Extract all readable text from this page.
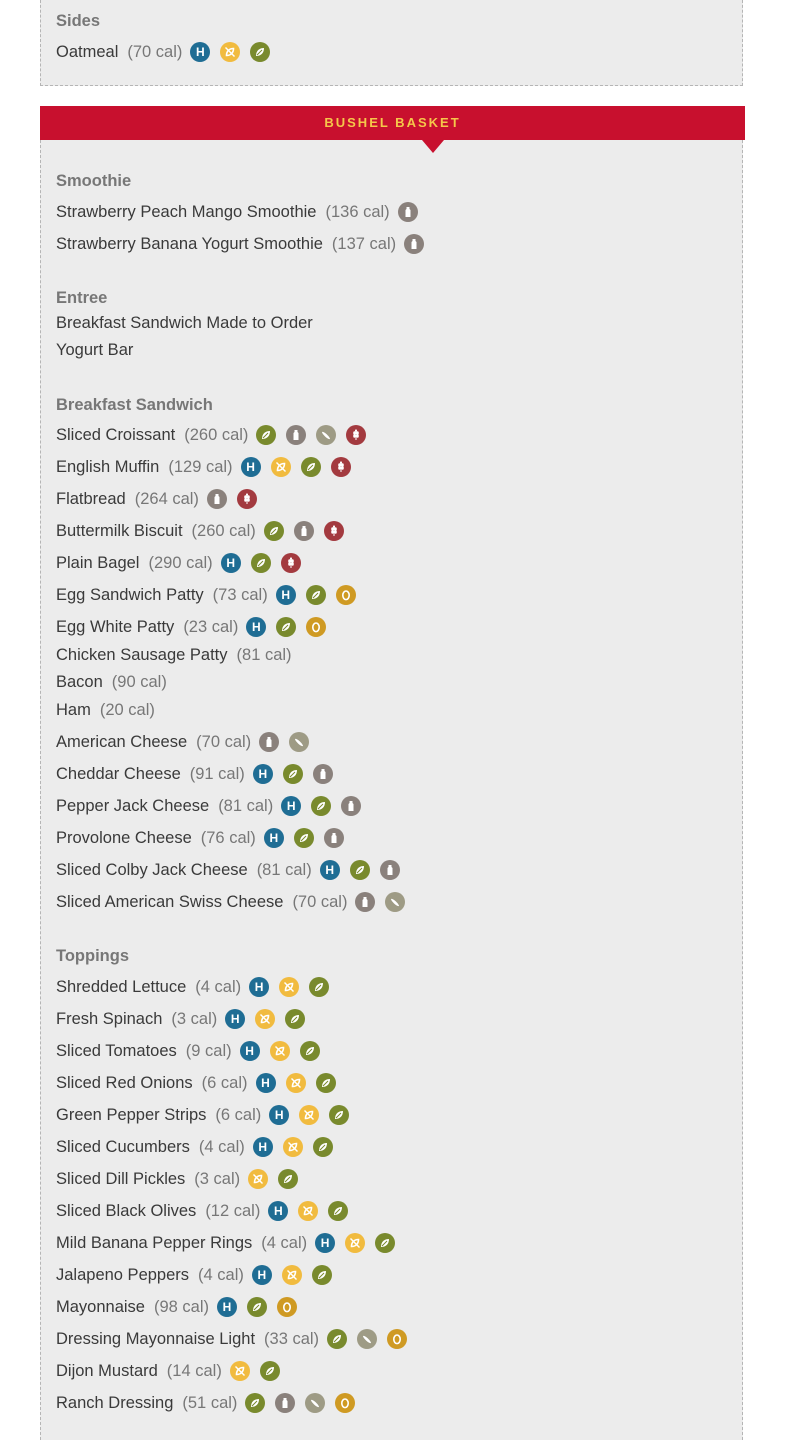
BUSHEL BASKET
Sides
Oatmeal (70 cal)	H
Smoothie
Strawberry Peach Mango Smoothie (136 cal)
Strawberry Banana Yogurt Smoothie (137 cal)
Entree
Breakfast Sandwich Made to Order
Yogurt Bar
Breakfast Sandwich
Sliced Croissant (260 cal)
English Muffin (129 cal)	H
Flatbread (264 cal)
Buttermilk Biscuit (260 cal)
Plain Bagel (290 cal)	H
Egg Sandwich Patty (73 cal)	H
Egg White Patty (23 cal)	H
Chicken Sausage Patty (81 cal)
Bacon (90 cal)
Ham (20 cal)
American Cheese (70 cal)
Cheddar Cheese (91 cal)	H
Pepper Jack Cheese (81 cal)	H
Provolone Cheese (76 cal)	H
Sliced Colby Jack Cheese (81 cal)	H
Sliced American Swiss Cheese (70 cal)
Toppings
Shredded Lettuce (4 cal)	H
Fresh Spinach (3 cal)	H
Sliced Tomatoes (9 cal)	H
Sliced Red Onions (6 cal)	H
Green Pepper Strips (6 cal)	H
Sliced Cucumbers (4 cal)	H
Sliced Dill Pickles (3 cal)
Sliced Black Olives (12 cal)	H
Mild Banana Pepper Rings (4 cal)	H
Jalapeno Peppers (4 cal)	H
Mayonnaise (98 cal)	H
Dressing Mayonnaise Light (33 cal)
Dijon Mustard (14 cal)
Ranch Dressing (51 cal)
